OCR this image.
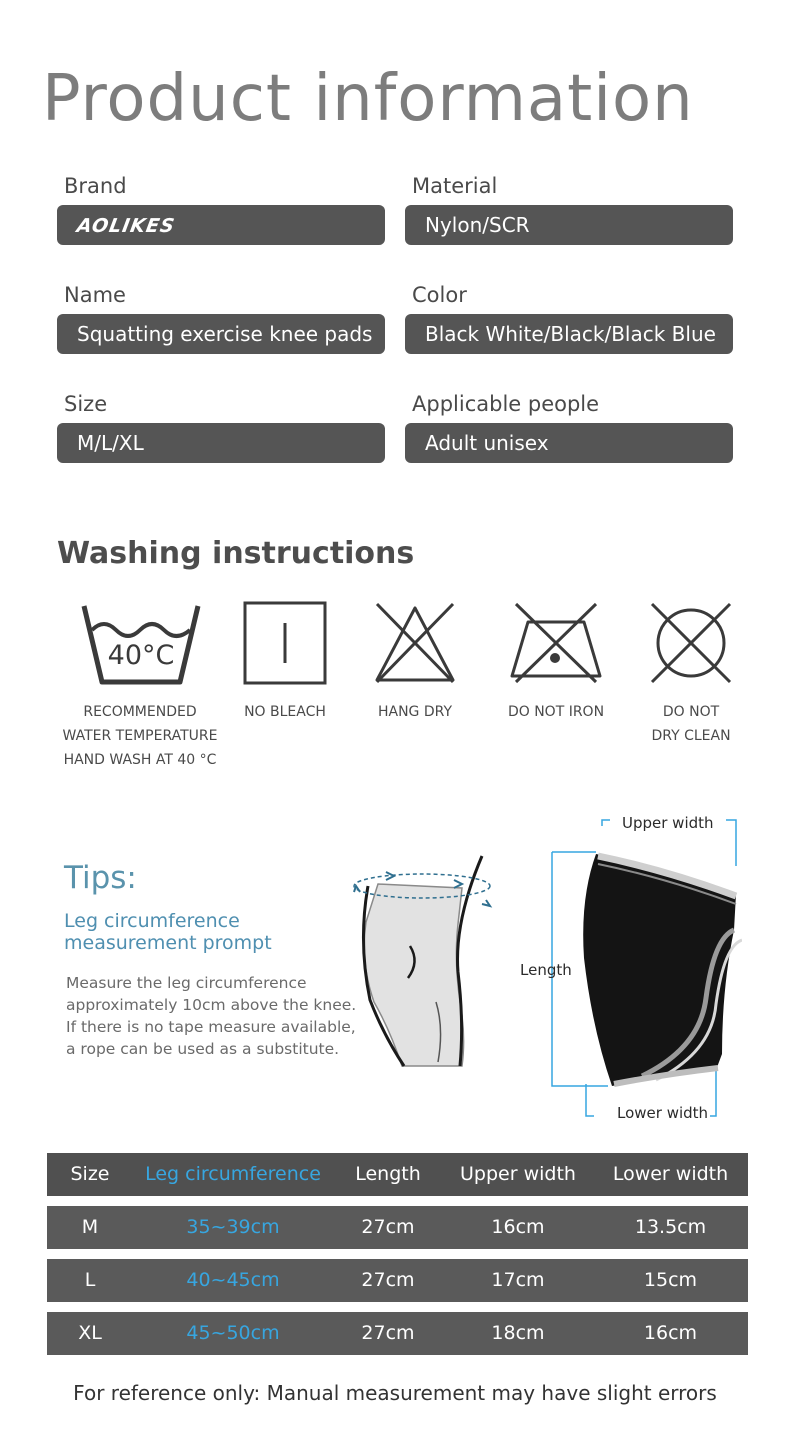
Product information
Brand
AOLIKES
Material
Nylon/SCR
Name
Squatting exercise knee pads
Color
Black White/Black/Black Blue
Size
M/L/XL
Applicable people
Adult unisex
Washing instructions
40°C
RECOMMENDED
WATER TEMPERATURE
HAND WASH AT 40 °C
NO BLEACH	HANG DRY	DO NOT IRON	DO NOT
DRY CLEAN
Tips:
Leg circumference
measurement prompt
Measure the leg circumference
approximately 10cm above the knee.
If there is no tape measure available,
a rope can be used as a substitute.
Upper width
Length
Lower width
Size	Leg circumference	Length	Upper width	Lower width
M	35~39cm	27cm	16cm	13.5cm
L	40~45cm	27cm	17cm	15cm
XL	45~50cm	27cm	18cm	16cm
For reference only: Manual measurement may have slight errors
